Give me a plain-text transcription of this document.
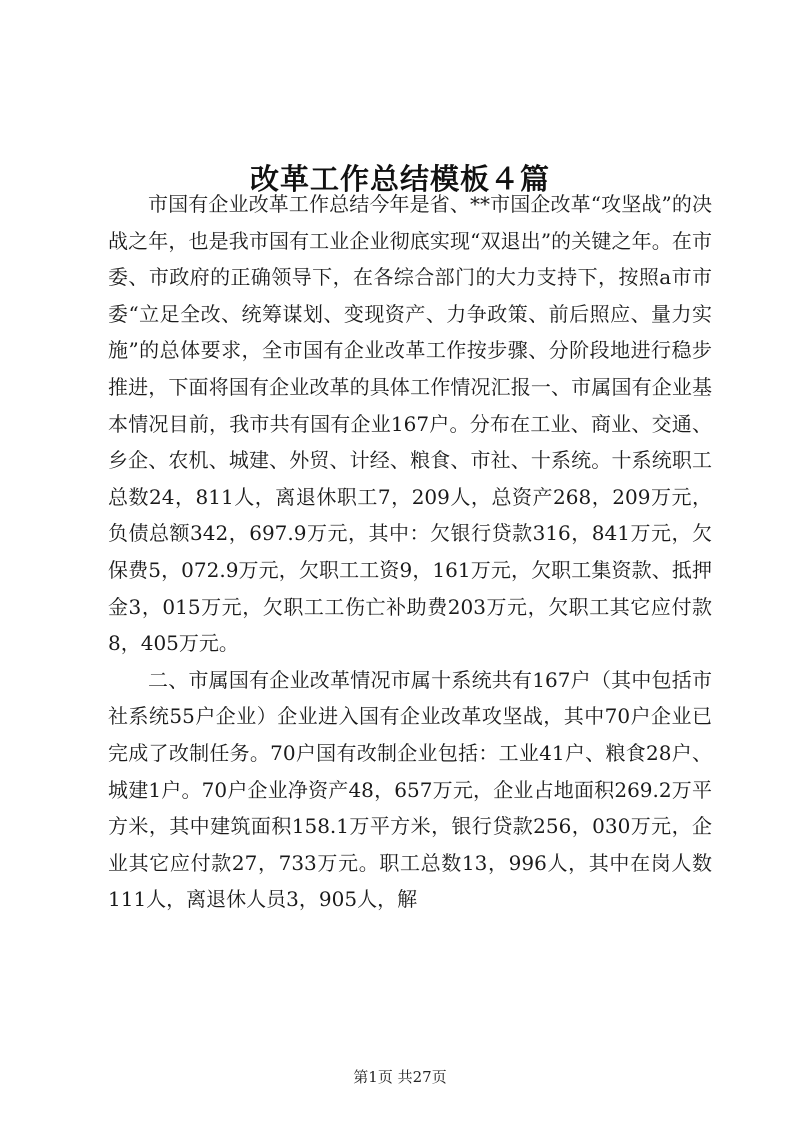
改革工作总结模板４篇

市国有企业改革工作总结今年是省、**市国企改革“攻坚战”的决战之年，也是我市国有工业企业彻底实现“双退出”的关键之年。在市委、市政府的正确领导下，在各综合部门的大力支持下，按照a市市委“立足全改、统筹谋划、变现资产、力争政策、前后照应、量力实施”的总体要求，全市国有企业改革工作按步骤、分阶段地进行稳步推进，下面将国有企业改革的具体工作情况汇报一、市属国有企业基本情况目前，我市共有国有企业167户。分布在工业、商业、交通、乡企、农机、城建、外贸、计经、粮食、市社、十系统。十系统职工总数24，811人，离退休职工7，209人，总资产268，209万元，负债总额342，697.9万元，其中：欠银行贷款316，841万元，欠保费5，072.9万元，欠职工工资9，161万元，欠职工集资款、抵押金3，015万元，欠职工工伤亡补助费203万元，欠职工其它应付款8，405万元。

二、市属国有企业改革情况市属十系统共有167户（其中包括市社系统55户企业）企业进入国有企业改革攻坚战，其中70户企业已完成了改制任务。70户国有改制企业包括：工业41户、粮食28户、城建1户。70户企业净资产48，657万元，企业占地面积269.2万平方米，其中建筑面积158.1万平方米，银行贷款256，030万元，企业其它应付款27，733万元。职工总数13，996人，其中在岗人数111人，离退休人员3，905人，解

第1页 共27页
